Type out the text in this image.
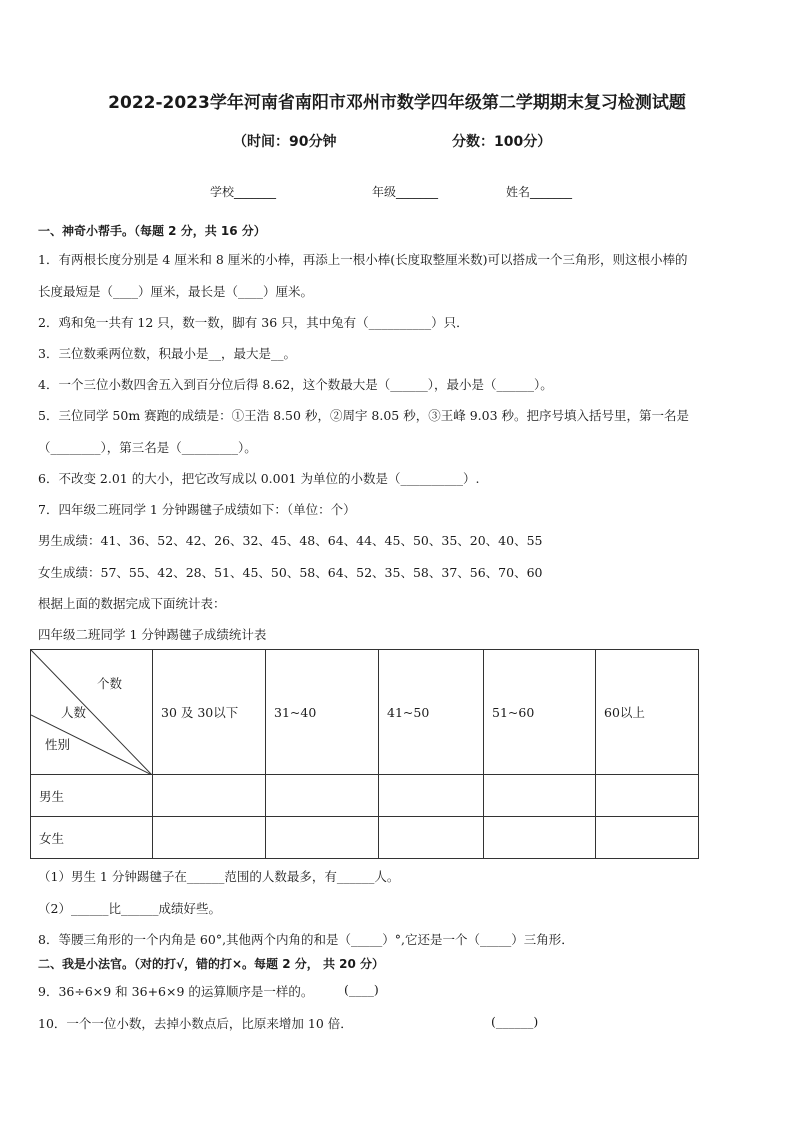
2022-2023学年河南省南阳市邓州市数学四年级第二学期期末复习检测试题
（时间：90分钟	分数：100分）
学校_______	年级_______	姓名_______
一、神奇小帮手。（每题 2 分，共 16 分）
1．有两根长度分别是 4 厘米和 8 厘米的小棒，再添上一根小棒(长度取整厘米数)可以搭成一个三角形，则这根小棒的
长度最短是（____）厘米，最长是（____）厘米。
2．鸡和兔一共有 12 只，数一数，脚有 36 只，其中兔有（__________）只．
3．三位数乘两位数，积最小是__，最大是__。
4．一个三位小数四舍五入到百分位后得 8.62，这个数最大是（______），最小是（______）。
5．三位同学 50m 赛跑的成绩是：①王浩 8.50 秒，②周宇 8.05 秒，③王峰 9.03 秒。把序号填入括号里，第一名是
（________），第三名是（_________）。
6．不改变 2.01 的大小，把它改写成以 0.001 为单位的小数是（__________）.
7．四年级二班同学 1 分钟踢毽子成绩如下：（单位：个）
男生成绩：41、36、52、42、26、32、45、48、64、44、45、50、35、20、40、55
女生成绩：57、55、42、28、51、45、50、58、64、52、35、58、37、56、70、60
根据上面的数据完成下面统计表：
四年级二班同学 1 分钟踢毽子成绩统计表
个数
人数
性别	30 及 30以下	31~40	41~50	51~60	60以上
男生					
女生					
（1）男生 1 分钟踢毽子在______范围的人数最多，有______人。
（2）______比______成绩好些。
8．等腰三角形的一个内角是 60°,其他两个内角的和是（_____）°,它还是一个（_____）三角形．
二、我是小法官。（对的打√，错的打×。每题 2 分， 共 20 分）
9．36÷6×9 和 36+6×9 的运算顺序是一样的。 (____)
10．一个一位小数，去掉小数点后，比原来增加 10 倍．	(______)
